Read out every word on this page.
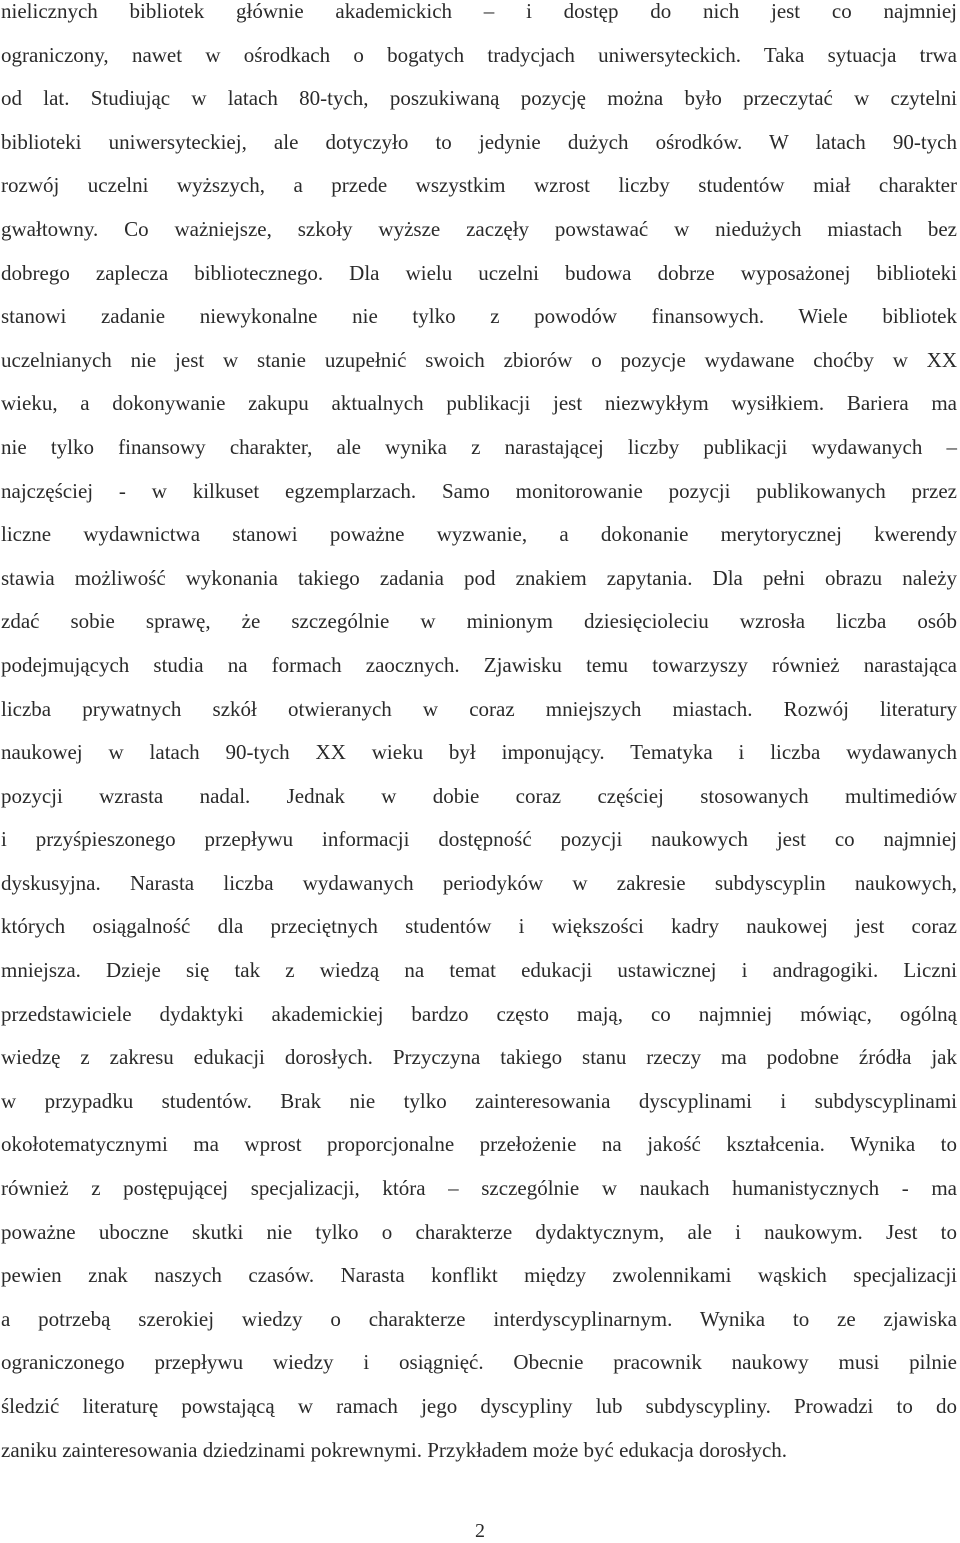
nielicznych bibliotek głównie akademickich – i dostęp do nich jest co najmniej
ograniczony, nawet w ośrodkach o bogatych tradycjach uniwersyteckich. Taka sytuacja trwa
od lat. Studiując w latach 80-tych, poszukiwaną pozycję można było przeczytać w czytelni
biblioteki uniwersyteckiej, ale dotyczyło to jedynie dużych ośrodków. W latach 90-tych
rozwój uczelni wyższych, a przede wszystkim wzrost liczby studentów miał charakter
gwałtowny. Co ważniejsze, szkoły wyższe zaczęły powstawać w niedużych miastach bez
dobrego zaplecza bibliotecznego. Dla wielu uczelni budowa dobrze wyposażonej biblioteki
stanowi zadanie niewykonalne nie tylko z powodów finansowych. Wiele bibliotek
uczelnianych nie jest w stanie uzupełnić swoich zbiorów o pozycje wydawane choćby w XX
wieku, a dokonywanie zakupu aktualnych publikacji jest niezwykłym wysiłkiem. Bariera ma
nie tylko finansowy charakter, ale wynika z narastającej liczby publikacji wydawanych –
najczęściej - w kilkuset egzemplarzach. Samo monitorowanie pozycji publikowanych przez
liczne wydawnictwa stanowi poważne wyzwanie, a dokonanie merytorycznej kwerendy
stawia możliwość wykonania takiego zadania pod znakiem zapytania. Dla pełni obrazu należy
zdać sobie sprawę, że szczególnie w minionym dziesięcioleciu wzrosła liczba osób
podejmujących studia na formach zaocznych. Zjawisku temu towarzyszy również narastająca
liczba prywatnych szkół otwieranych w coraz mniejszych miastach. Rozwój literatury
naukowej w latach 90-tych XX wieku był imponujący. Tematyka i liczba wydawanych
pozycji wzrasta nadal. Jednak w dobie coraz częściej stosowanych multimediów
i przyśpieszonego przepływu informacji dostępność pozycji naukowych jest co najmniej
dyskusyjna. Narasta liczba wydawanych periodyków w zakresie subdyscyplin naukowych,
których osiągalność dla przeciętnych studentów i większości kadry naukowej jest coraz
mniejsza. Dzieje się tak z wiedzą na temat edukacji ustawicznej i andragogiki. Liczni
przedstawiciele dydaktyki akademickiej bardzo często mają, co najmniej mówiąc, ogólną
wiedzę z zakresu edukacji dorosłych. Przyczyna takiego stanu rzeczy ma podobne źródła jak
w przypadku studentów. Brak nie tylko zainteresowania dyscyplinami i subdyscyplinami
okołotematycznymi ma wprost proporcjonalne przełożenie na jakość kształcenia. Wynika to
również z postępującej specjalizacji, która – szczególnie w naukach humanistycznych - ma
poważne uboczne skutki nie tylko o charakterze dydaktycznym, ale i naukowym. Jest to
pewien znak naszych czasów. Narasta konflikt między zwolennikami wąskich specjalizacji
a potrzebą szerokiej wiedzy o charakterze interdyscyplinarnym. Wynika to ze zjawiska
ograniczonego przepływu wiedzy i osiągnięć. Obecnie pracownik naukowy musi pilnie
śledzić literaturę powstającą w ramach jego dyscypliny lub subdyscypliny. Prowadzi to do
zaniku zainteresowania dziedzinami pokrewnymi. Przykładem może być edukacja dorosłych.
2
